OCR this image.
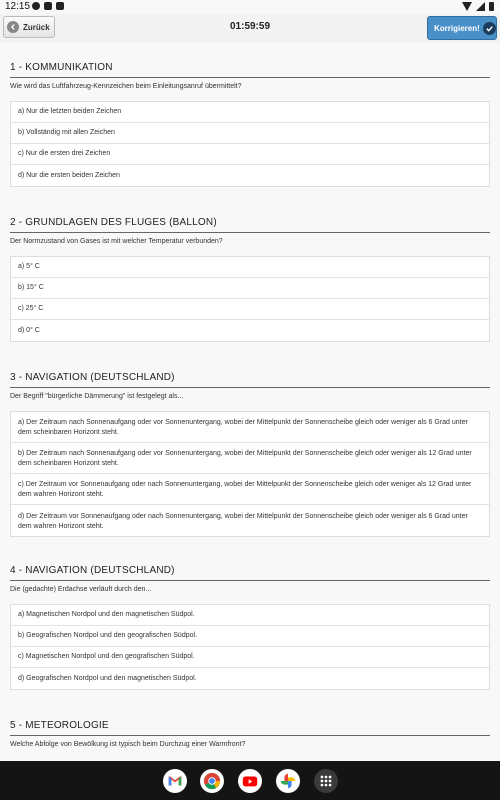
12:15
Zurück	01:59:59	Korrigieren!
1 - KOMMUNIKATION
Wie wird das Luftfahrzeug-Kennzeichen beim Einleitungsanruf übermittelt?
a) Nur die letzten beiden Zeichen
b) Vollständig mit allen Zeichen
c) Nur die ersten drei Zeichen
d) Nur die ersten beiden Zeichen
2 - GRUNDLAGEN DES FLUGES (BALLON)
Der Normzustand von Gases ist mit welcher Temperatur verbunden?
a) 5° C
b) 15° C
c) 25° C
d) 0° C
3 - NAVIGATION (DEUTSCHLAND)
Der Begriff "bürgerliche Dämmerung" ist festgelegt als...
a) Der Zeitraum nach Sonnenaufgang oder vor Sonnenuntergang, wobei der Mittelpunkt der Sonnenscheibe gleich oder weniger als 6 Grad unter dem scheinbaren Horizont steht.
b) Der Zeitraum nach Sonnenaufgang oder vor Sonnenuntergang, wobei der Mittelpunkt der Sonnenscheibe gleich oder weniger als 12 Grad unter dem scheinbaren Horizont steht.
c) Der Zeitraum vor Sonnenaufgang oder nach Sonnenuntergang, wobei der Mittelpunkt der Sonnenscheibe gleich oder weniger als 12 Grad unter dem wahren Horizont steht.
d) Der Zeitraum vor Sonnenaufgang oder nach Sonnenuntergang, wobei der Mittelpunkt der Sonnenscheibe gleich oder weniger als 6 Grad unter dem wahren Horizont steht.
4 - NAVIGATION (DEUTSCHLAND)
Die (gedachte) Erdachse verläuft durch den...
a) Magnetischen Nordpol und den magnetischen Südpol.
b) Geografischen Nordpol und den geografischen Südpol.
c) Magnetischen Nordpol und den geografischen Südpol.
d) Geografischen Nordpol und den magnetischen Südpol.
5 - METEOROLOGIE
Welche Abfolge von Bewölkung ist typisch beim Durchzug einer Warmfront?
